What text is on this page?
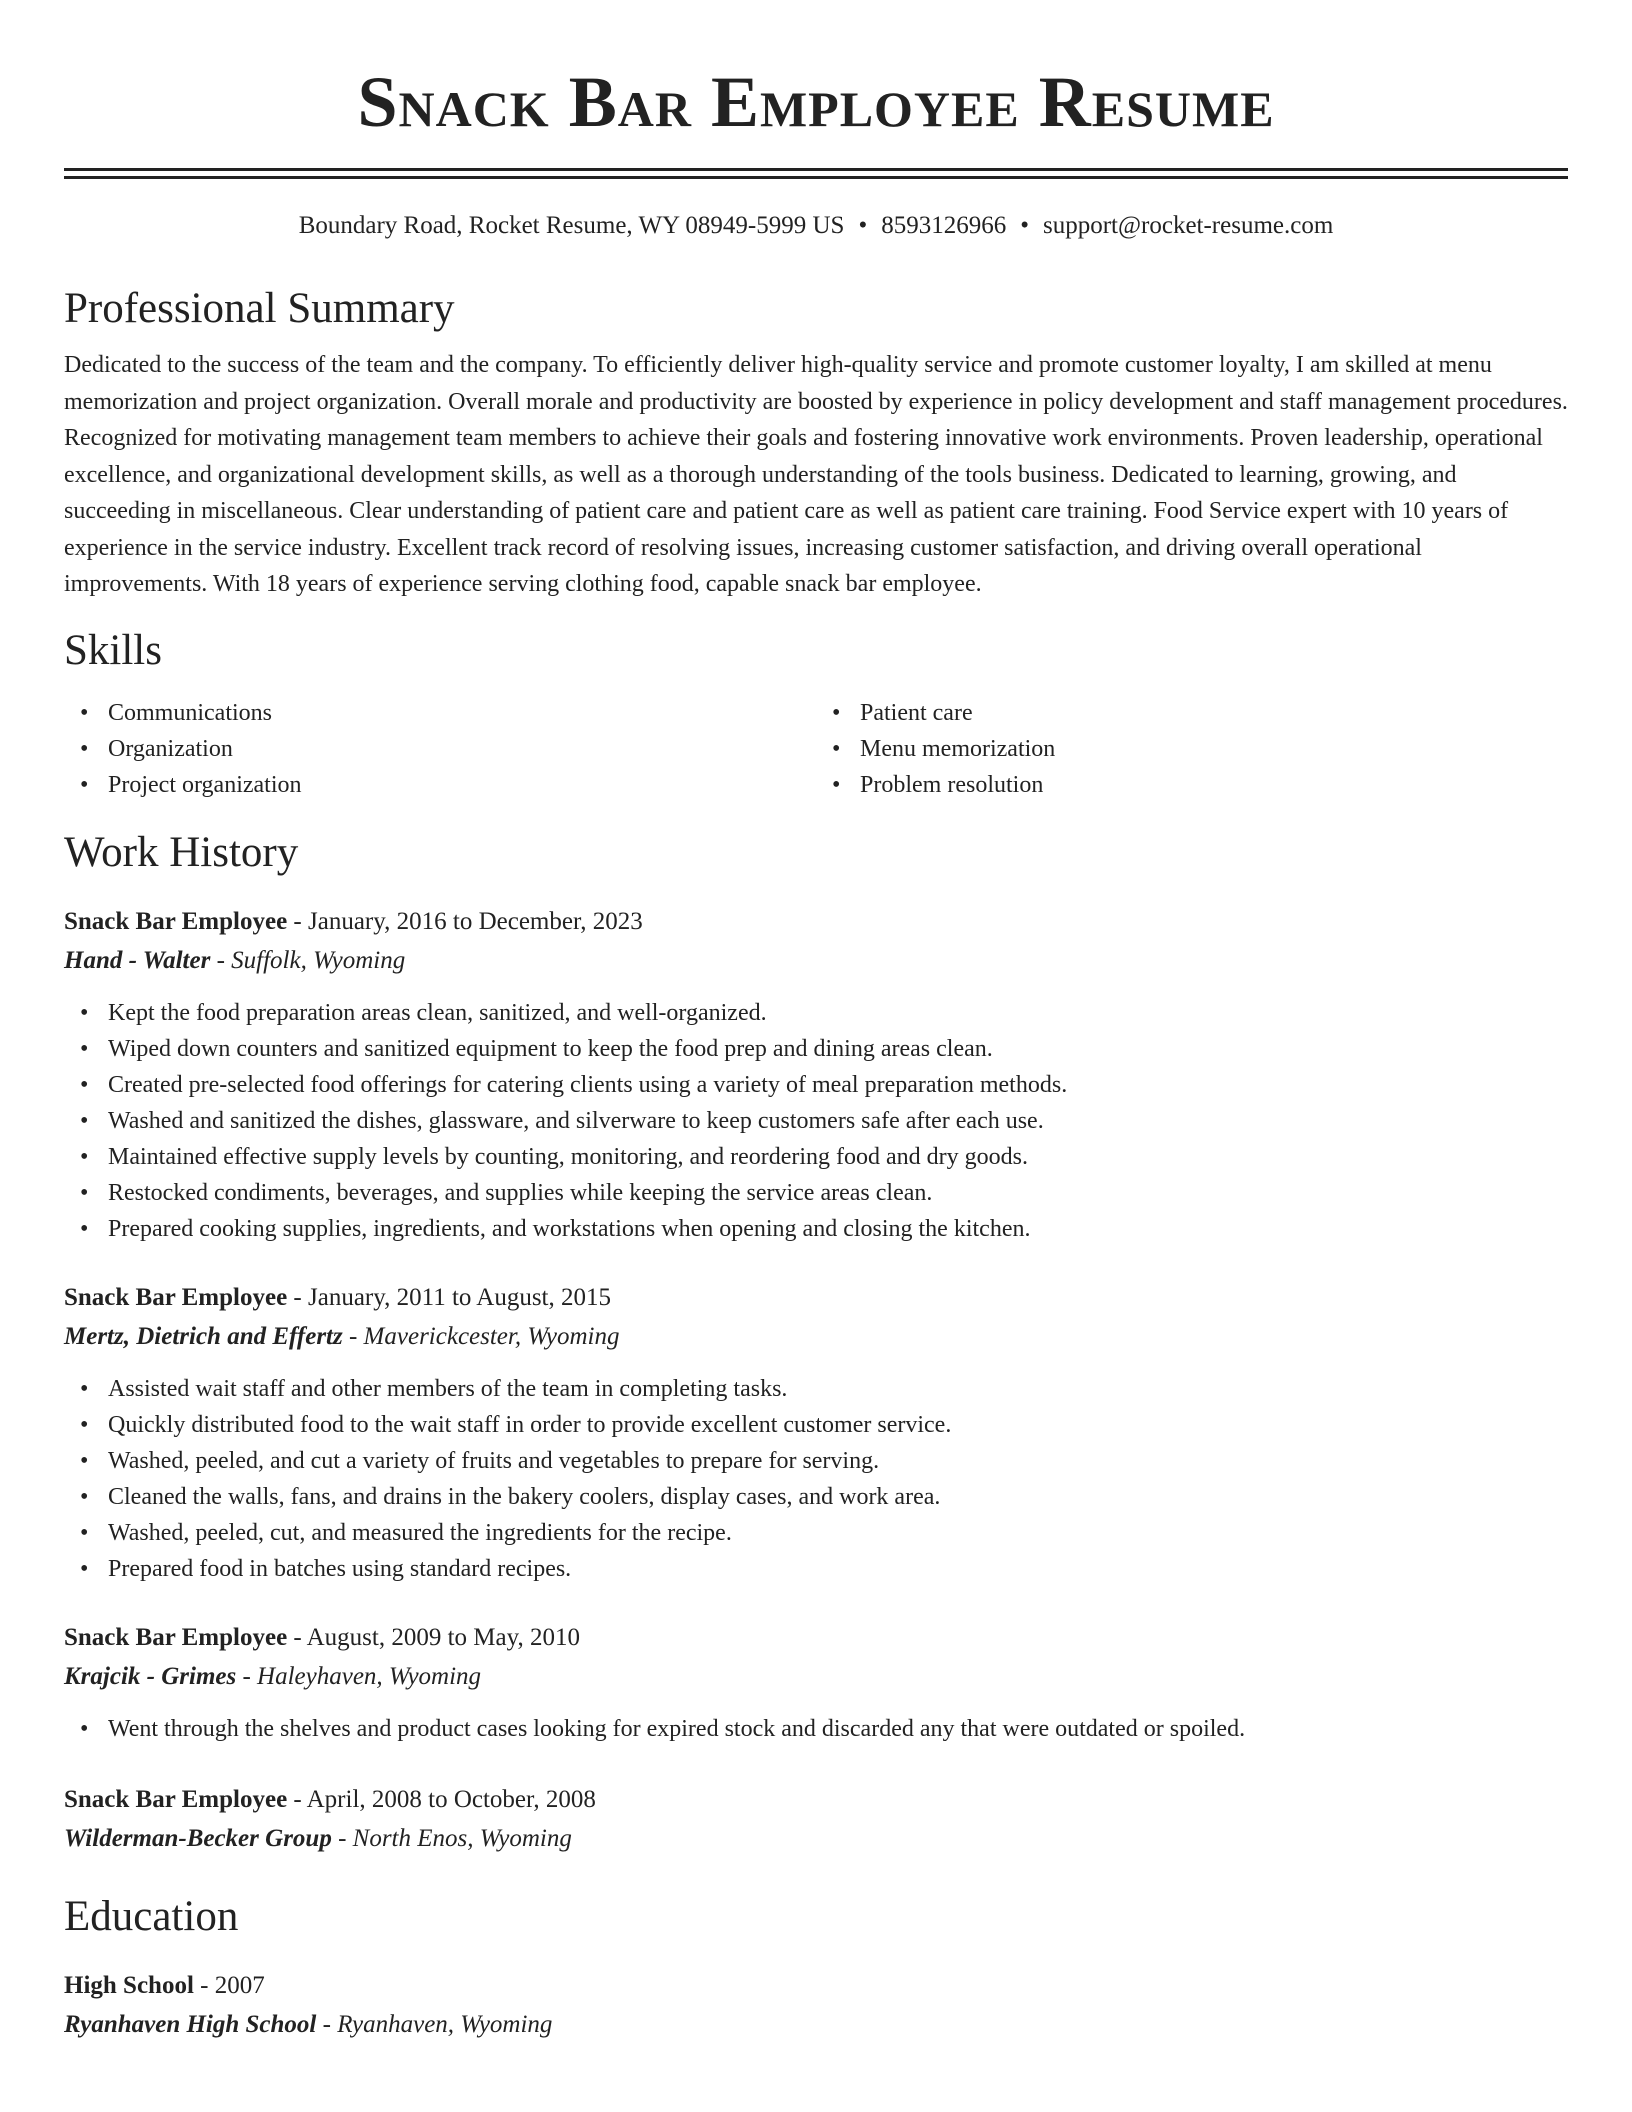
Snack Bar Employee Resume
Boundary Road, Rocket Resume, WY 08949-5999 US • 8593126966 • support@rocket-resume.com
Professional Summary

Dedicated to the success of the team and the company. To efficiently deliver high-quality service and promote customer loyalty, I am skilled at menu memorization and project organization. Overall morale and productivity are boosted by experience in policy development and staff management procedures. Recognized for motivating management team members to achieve their goals and fostering innovative work environments. Proven leadership, operational excellence, and organizational development skills, as well as a thorough understanding of the tools business. Dedicated to learning, growing, and succeeding in miscellaneous. Clear understanding of patient care and patient care as well as patient care training. Food Service expert with 10 years of experience in the service industry. Excellent track record of resolving issues, increasing customer satisfaction, and driving overall operational improvements. With 18 years of experience serving clothing food, capable snack bar employee.

Skills
• Communications
• Organization
• Project organization
• Patient care
• Menu memorization
• Problem resolution
Work History
Snack Bar Employee - January, 2016 to December, 2023
Hand - Walter - Suffolk, Wyoming
• Kept the food preparation areas clean, sanitized, and well-organized.
• Wiped down counters and sanitized equipment to keep the food prep and dining areas clean.
• Created pre-selected food offerings for catering clients using a variety of meal preparation methods.
• Washed and sanitized the dishes, glassware, and silverware to keep customers safe after each use.
• Maintained effective supply levels by counting, monitoring, and reordering food and dry goods.
• Restocked condiments, beverages, and supplies while keeping the service areas clean.
• Prepared cooking supplies, ingredients, and workstations when opening and closing the kitchen.
Snack Bar Employee - January, 2011 to August, 2015
Mertz, Dietrich and Effertz - Maverickcester, Wyoming
• Assisted wait staff and other members of the team in completing tasks.
• Quickly distributed food to the wait staff in order to provide excellent customer service.
• Washed, peeled, and cut a variety of fruits and vegetables to prepare for serving.
• Cleaned the walls, fans, and drains in the bakery coolers, display cases, and work area.
• Washed, peeled, cut, and measured the ingredients for the recipe.
• Prepared food in batches using standard recipes.
Snack Bar Employee - August, 2009 to May, 2010
Krajcik - Grimes - Haleyhaven, Wyoming
• Went through the shelves and product cases looking for expired stock and discarded any that were outdated or spoiled.
Snack Bar Employee - April, 2008 to October, 2008
Wilderman-Becker Group - North Enos, Wyoming
Education
High School - 2007
Ryanhaven High School - Ryanhaven, Wyoming
